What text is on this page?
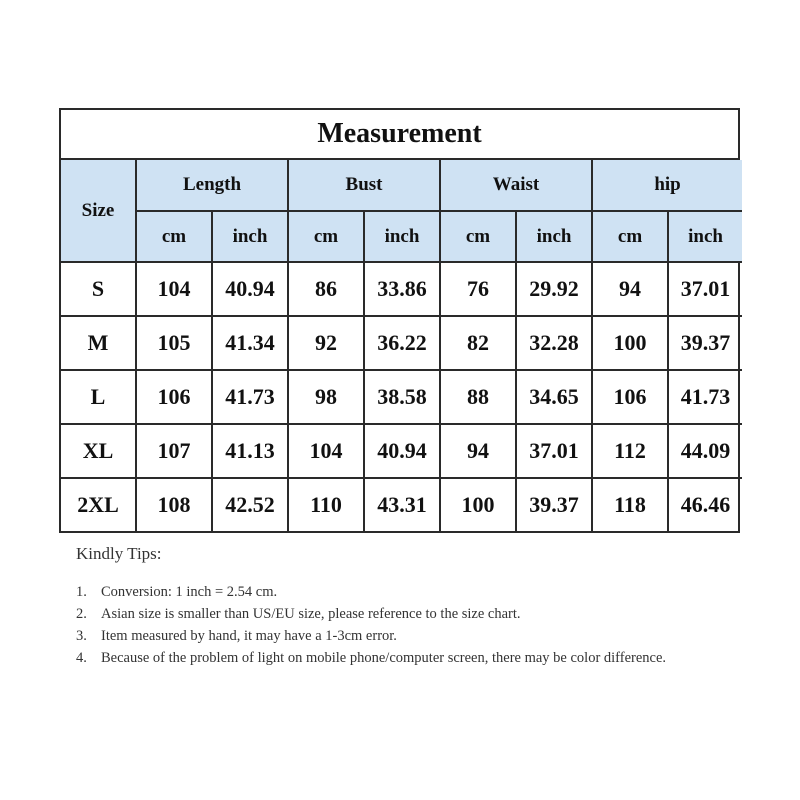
Measurement
Size	Length		Bust		Waist		hip	
	cm	inch	cm	inch	cm	inch	cm	inch
S	104	40.94	86	33.86	76	29.92	94	37.01
M	105	41.34	92	36.22	82	32.28	100	39.37
L	106	41.73	98	38.58	88	34.65	106	41.73
XL	107	41.13	104	40.94	94	37.01	112	44.09
2XL	108	42.52	110	43.31	100	39.37	118	46.46
Kindly Tips:
1. Conversion: 1 inch = 2.54 cm.
2. Asian size is smaller than US/EU size, please reference to the size chart.
3. Item measured by hand, it may have a 1-3cm error.
4. Because of the problem of light on mobile phone/computer screen, there may be color difference.
